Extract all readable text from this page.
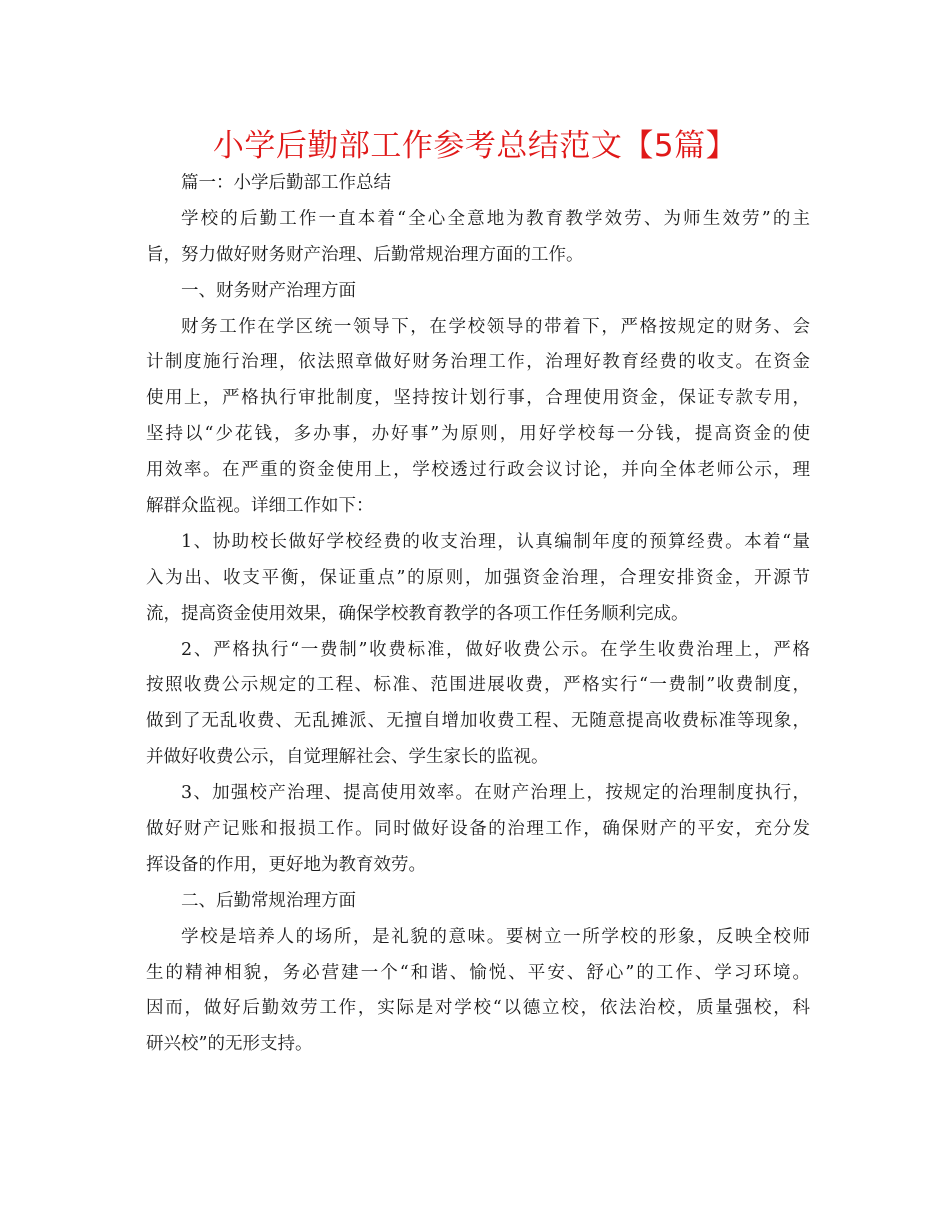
小学后勤部工作参考总结范文【5篇】
篇一：小学后勤部工作总结
学校的后勤工作一直本着“全心全意地为教育教学效劳、为师生效劳”的主
旨，努力做好财务财产治理、后勤常规治理方面的工作。
一、财务财产治理方面
财务工作在学区统一领导下，在学校领导的带着下，严格按规定的财务、会
计制度施行治理，依法照章做好财务治理工作，治理好教育经费的收支。在资金
使用上，严格执行审批制度，坚持按计划行事，合理使用资金，保证专款专用，
坚持以“少花钱，多办事，办好事”为原则，用好学校每一分钱，提高资金的使
用效率。在严重的资金使用上，学校透过行政会议讨论，并向全体老师公示，理
解群众监视。详细工作如下：
1、协助校长做好学校经费的收支治理，认真编制年度的预算经费。本着“量
入为出、收支平衡，保证重点”的原则，加强资金治理，合理安排资金，开源节
流，提高资金使用效果，确保学校教育教学的各项工作任务顺利完成。
2、严格执行“一费制”收费标准，做好收费公示。在学生收费治理上，严格
按照收费公示规定的工程、标准、范围进展收费，严格实行“一费制”收费制度，
做到了无乱收费、无乱摊派、无擅自增加收费工程、无随意提高收费标准等现象，
并做好收费公示，自觉理解社会、学生家长的监视。
3、加强校产治理、提高使用效率。在财产治理上，按规定的治理制度执行，
做好财产记账和报损工作。同时做好设备的治理工作，确保财产的平安，充分发
挥设备的作用，更好地为教育效劳。
二、后勤常规治理方面
学校是培养人的场所，是礼貌的意味。要树立一所学校的形象，反映全校师
生的精神相貌，务必营建一个“和谐、愉悦、平安、舒心”的工作、学习环境。
因而，做好后勤效劳工作，实际是对学校“以德立校，依法治校，质量强校，科
研兴校”的无形支持。
